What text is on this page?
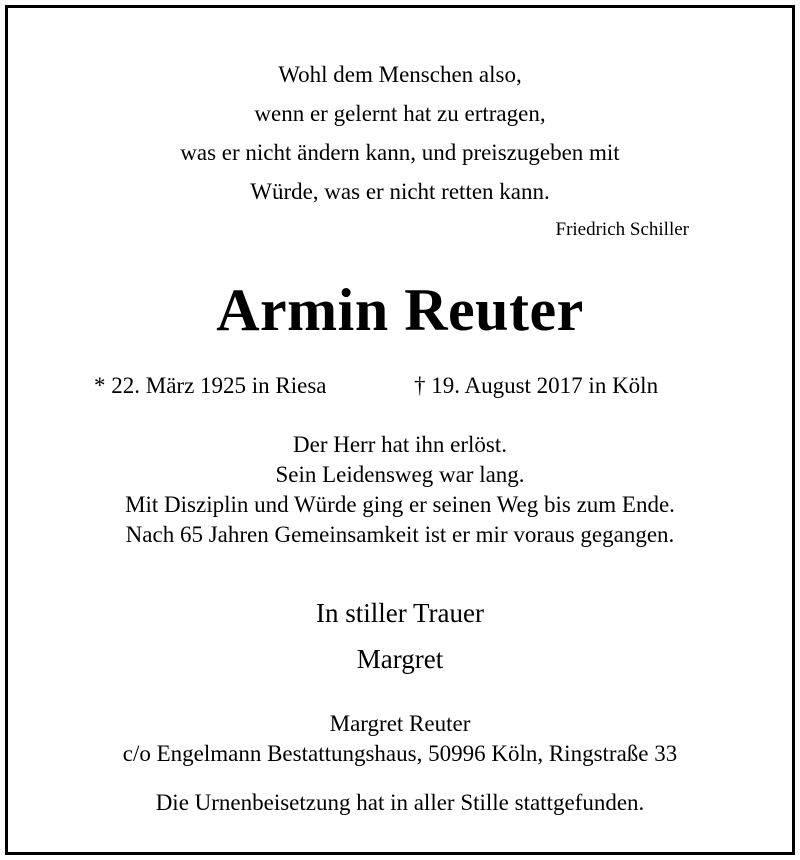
Wohl dem Menschen also,
wenn er gelernt hat zu ertragen,
was er nicht ändern kann, und preiszugeben mit
Würde, was er nicht retten kann.
Friedrich Schiller
Armin Reuter
* 22. März 1925 in Riesa	† 19. August 2017 in Köln
Der Herr hat ihn erlöst.
Sein Leidensweg war lang.
Mit Disziplin und Würde ging er seinen Weg bis zum Ende.
Nach 65 Jahren Gemeinsamkeit ist er mir voraus gegangen.
In stiller Trauer
Margret
Margret Reuter
c/o Engelmann Bestattungshaus, 50996 Köln, Ringstraße 33
Die Urnenbeisetzung hat in aller Stille stattgefunden.
